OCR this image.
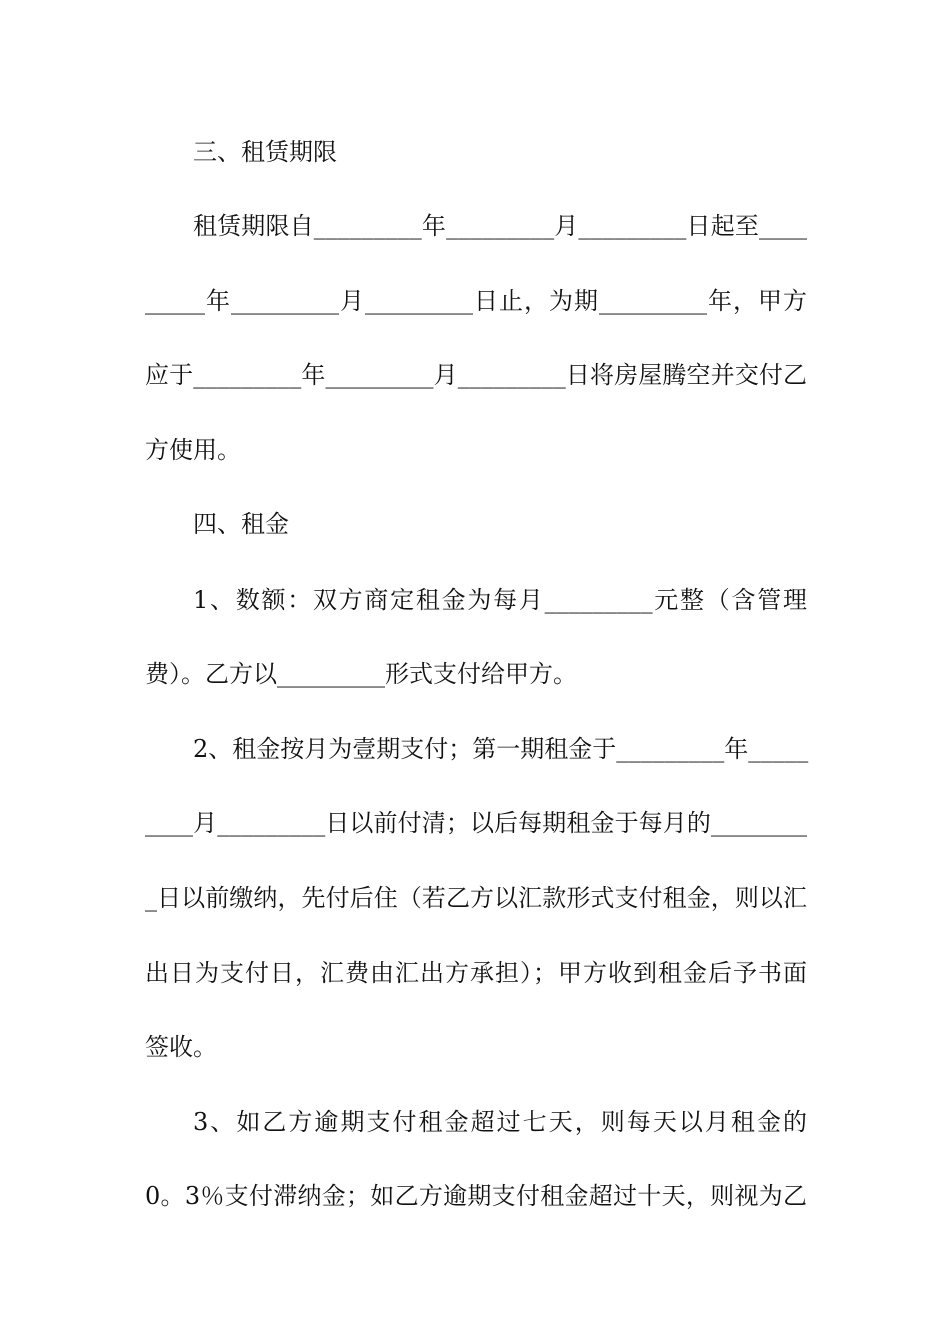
三、租赁期限
租赁期限自_________年_________月_________日起至____
_____年_________月_________日止，为期_________年，甲方
应于_________年_________月_________日将房屋腾空并交付乙
方使用。
四、租金
1、数额：双方商定租金为每月_________元整（含管理
费）。乙方以_________形式支付给甲方。
2、租金按月为壹期支付；第一期租金于_________年_____
____月_________日以前付清；以后每期租金于每月的________
_日以前缴纳，先付后住（若乙方以汇款形式支付租金，则以汇
出日为支付日，汇费由汇出方承担）；甲方收到租金后予书面
签收。
3、如乙方逾期支付租金超过七天，则每天以月租金的
0。3％支付滞纳金；如乙方逾期支付租金超过十天，则视为乙
